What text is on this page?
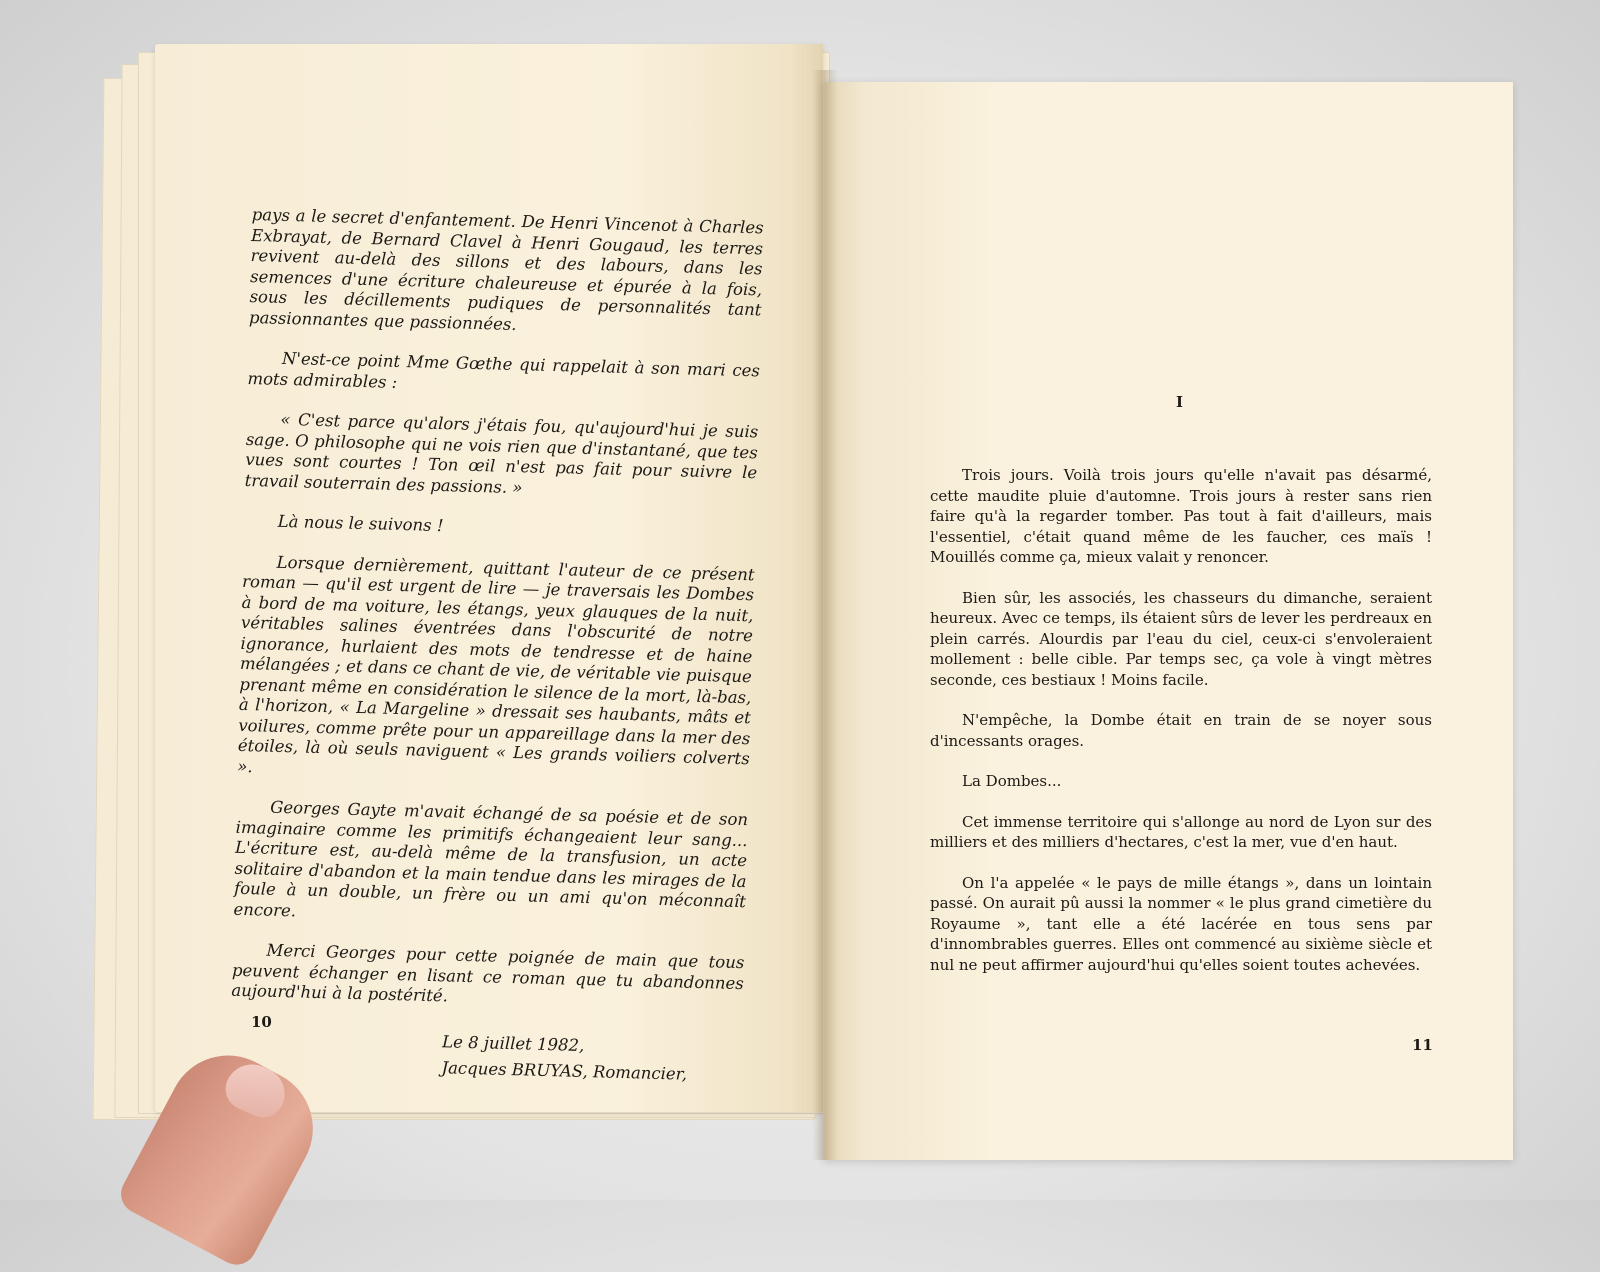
pays a le secret d'enfantement. De Henri Vincenot à Charles Exbrayat, de Bernard Clavel à Henri Gougaud, les terres revivent au-delà des sillons et des labours, dans les semences d'une écriture chaleureuse et épurée à la fois, sous les décillements pudiques de personnalités tant passionnantes que passionnées.

N'est-ce point Mme Gœthe qui rappelait à son mari ces mots admirables :

« C'est parce qu'alors j'étais fou, qu'aujourd'hui je suis sage. O philosophe qui ne vois rien que d'instantané, que tes vues sont courtes ! Ton œil n'est pas fait pour suivre le travail souterrain des passions. »

Là nous le suivons !

Lorsque dernièrement, quittant l'auteur de ce présent roman — qu'il est urgent de lire — je traversais les Dombes à bord de ma voiture, les étangs, yeux glauques de la nuit, véritables salines éventrées dans l'obscurité de notre ignorance, hurlaient des mots de tendresse et de haine mélangées ; et dans ce chant de vie, de véritable vie puisque prenant même en considération le silence de la mort, là-bas, à l'horizon, « La Margeline » dressait ses haubants, mâts et voilures, comme prête pour un appareillage dans la mer des étoiles, là où seuls naviguent « Les grands voiliers colverts ».

Georges Gayte m'avait échangé de sa poésie et de son imaginaire comme les primitifs échangeaient leur sang... L'écriture est, au-delà même de la transfusion, un acte solitaire d'abandon et la main tendue dans les mirages de la foule à un double, un frère ou un ami qu'on méconnaît encore.

Merci Georges pour cette poignée de main que tous peuvent échanger en lisant ce roman que tu abandonnes aujourd'hui à la postérité.

Le 8 juillet 1982,
Jacques BRUYAS, Romancier,
10
I

Trois jours. Voilà trois jours qu'elle n'avait pas désarmé, cette maudite pluie d'automne. Trois jours à rester sans rien faire qu'à la regarder tomber. Pas tout à fait d'ailleurs, mais l'essentiel, c'était quand même de les faucher, ces maïs ! Mouillés comme ça, mieux valait y renoncer.

Bien sûr, les associés, les chasseurs du dimanche, seraient heureux. Avec ce temps, ils étaient sûrs de lever les perdreaux en plein carrés. Alourdis par l'eau du ciel, ceux-ci s'envoleraient mollement : belle cible. Par temps sec, ça vole à vingt mètres seconde, ces bestiaux ! Moins facile.

N'empêche, la Dombe était en train de se noyer sous d'incessants orages.

La Dombes...

Cet immense territoire qui s'allonge au nord de Lyon sur des milliers et des milliers d'hectares, c'est la mer, vue d'en haut.

On l'a appelée « le pays de mille étangs », dans un lointain passé. On aurait pû aussi la nommer « le plus grand cimetière du Royaume », tant elle a été lacérée en tous sens par d'innombrables guerres. Elles ont commencé au sixième siècle et nul ne peut affirmer aujourd'hui qu'elles soient toutes achevées.

11
